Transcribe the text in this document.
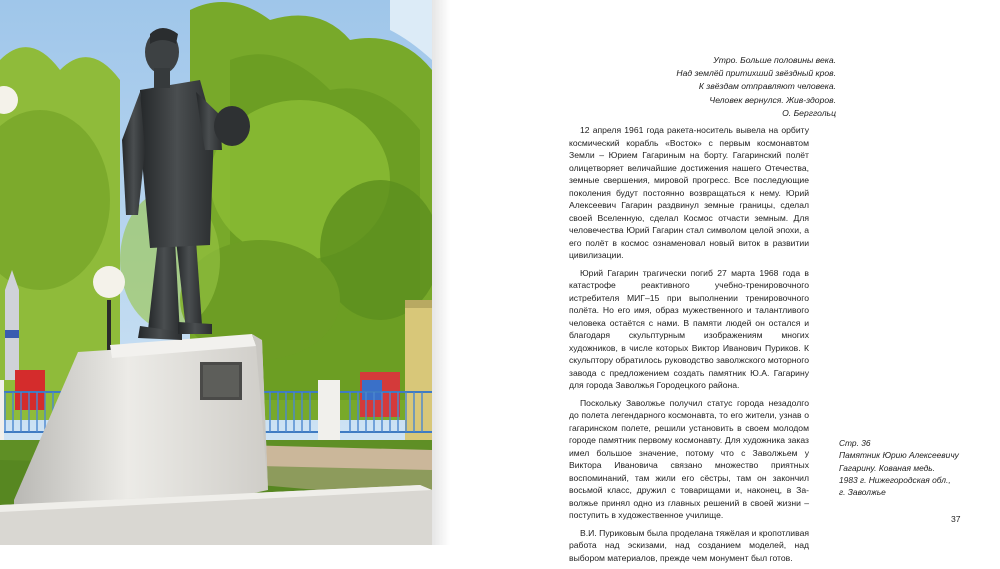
Утро. Больше половины века.
Над землёй притихший звёздный кров.
К звёздам отправляют человека.
Человек вернулся. Жив-здоров.
О. Берггольц

12 апреля 1961 года ракета-носитель вывела на орбиту космический корабль «Восток» с первым космонавтом Земли – Юрием Гагариным на борту. Гагаринский полёт олицетворяет величайшие достижения нашего Отечества, земные свершения, мировой прогресс. Все последующие поколения будут постоянно возвращаться к нему. Юрий Алексеевич Гагарин раздвинул земные границы, сделал своей Вселенную, сделал Космос отчасти земным. Для человечества Юрий Гагарин стал символом целой эпохи, а его полёт в космос ознаменовал новый виток в развитии цивилизации.

Юрий Гагарин трагически погиб 27 марта 1968 года в катастрофе реактивного учебно-тренировочного истребителя МИГ–15 при выполнении тренировочного полёта. Но его имя, образ мужественного и талантливого человека остаётся с нами. В памяти людей он остался и благодаря скульптурным изображениям многих художников, в числе которых Виктор Иванович Пуриков. К скульптору обратилось руководство заволжского моторного завода с предложением создать памятник Ю.А. Гагарину для города Заволжья Городецкого района.

Поскольку Заволжье получил статус города незадолго до полета легендарного космонавта, то его жители, узнав о гагаринском полете, решили установить в своем молодом городе памятник первому космонавту. Для художника заказ имел большое значение, потому что с Заволжьем у Виктора Ивановича связано множество приятных воспоминаний, там жили его сёстры, там он закончил восьмой класс, дружил с товарищами и, наконец, в Заволжье принял одно из главных решений в своей жизни – поступить в художественное училище.

В.И. Пуриковым была проделана тяжёлая и кропотливая работа над эскизами, над созданием моделей, над выбором материалов, прежде чем монумент был готов.

Стр. 36
Памятник Юрию Алексеевичу
Гагарину. Кованая медь.
1983 г. Нижегородская обл.,
г. Заволжье
37
